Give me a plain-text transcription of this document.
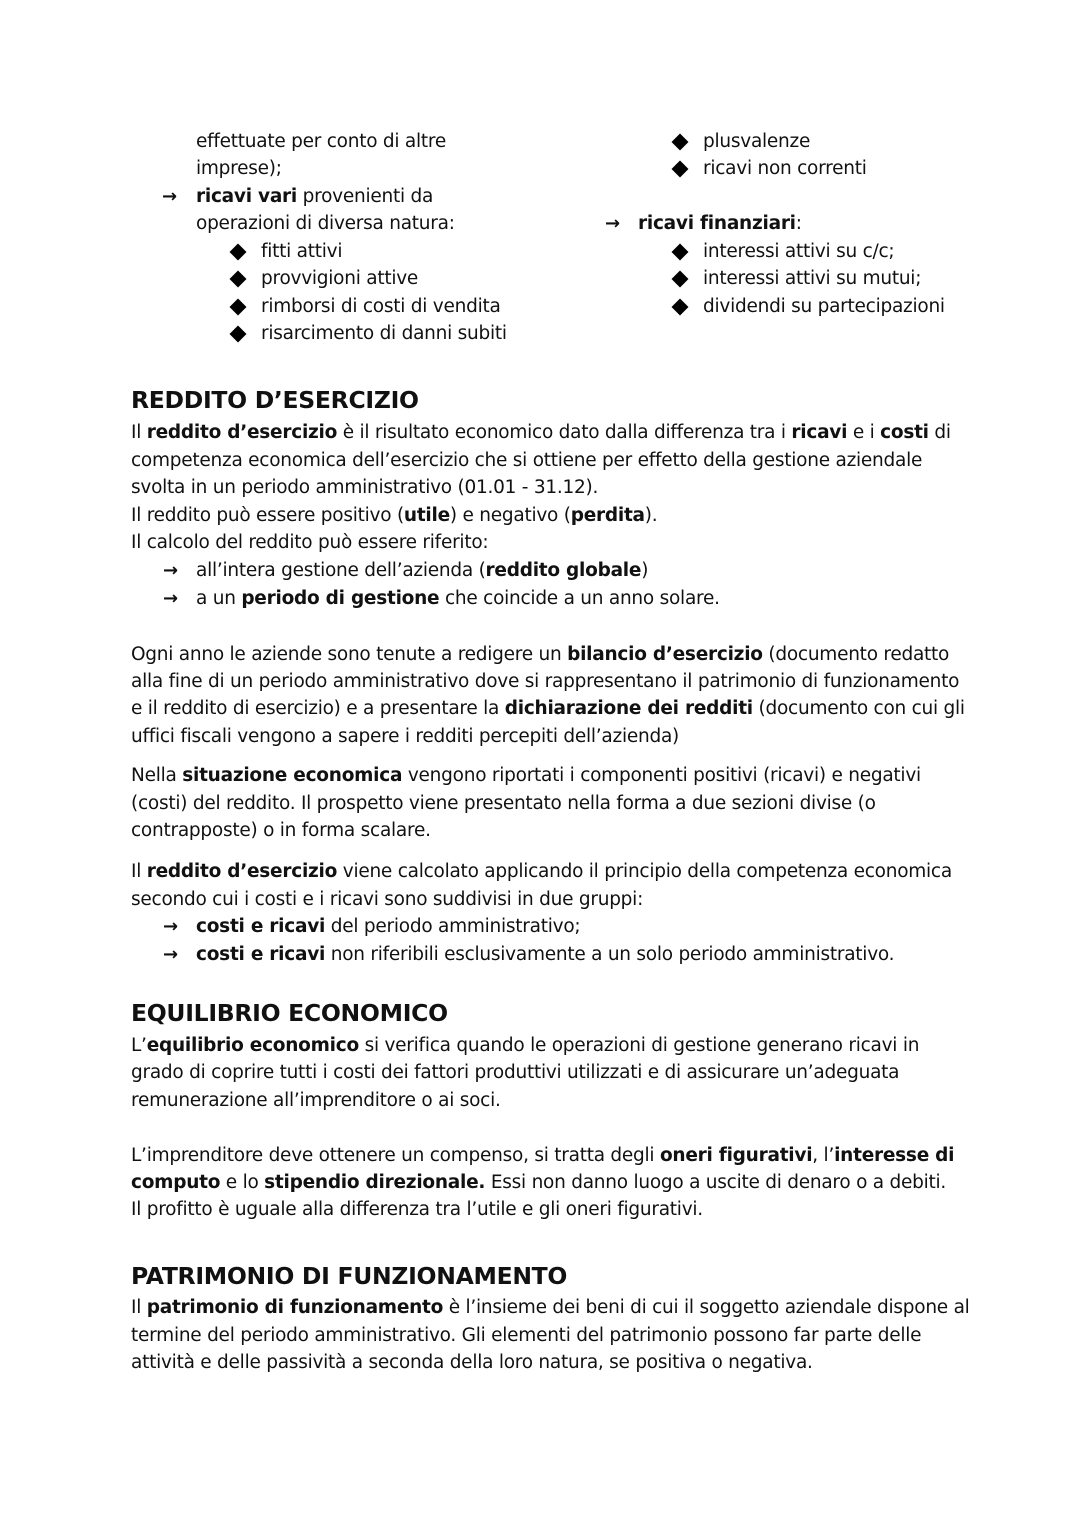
effettuate per conto di altre
imprese);
→ ricavi vari provenienti da
operazioni di diversa natura:
fitti attivi
provvigioni attive
rimborsi di costi di vendita
risarcimento di danni subiti
plusvalenze
ricavi non correnti
→ ricavi finanziari:
interessi attivi su c/c;
interessi attivi su mutui;
dividendi su partecipazioni
REDDITO D’ESERCIZIO
Il reddito d’esercizio è il risultato economico dato dalla differenza tra i ricavi e i costi di
competenza economica dell’esercizio che si ottiene per effetto della gestione aziendale
svolta in un periodo amministrativo (01.01 - 31.12).
Il reddito può essere positivo (utile) e negativo (perdita).
Il calcolo del reddito può essere riferito:
→ all’intera gestione dell’azienda (reddito globale)
→ a un periodo di gestione che coincide a un anno solare.
Ogni anno le aziende sono tenute a redigere un bilancio d’esercizio (documento redatto
alla fine di un periodo amministrativo dove si rappresentano il patrimonio di funzionamento
e il reddito di esercizio) e a presentare la dichiarazione dei redditi (documento con cui gli
uffici fiscali vengono a sapere i redditi percepiti dell’azienda)
Nella situazione economica vengono riportati i componenti positivi (ricavi) e negativi
(costi) del reddito. Il prospetto viene presentato nella forma a due sezioni divise (o
contrapposte) o in forma scalare.
Il reddito d’esercizio viene calcolato applicando il principio della competenza economica
secondo cui i costi e i ricavi sono suddivisi in due gruppi:
→ costi e ricavi del periodo amministrativo;
→ costi e ricavi non riferibili esclusivamente a un solo periodo amministrativo.
EQUILIBRIO ECONOMICO
L’equilibrio economico si verifica quando le operazioni di gestione generano ricavi in
grado di coprire tutti i costi dei fattori produttivi utilizzati e di assicurare un’adeguata
remunerazione all’imprenditore o ai soci.
L’imprenditore deve ottenere un compenso, si tratta degli oneri figurativi, l’interesse di
computo e lo stipendio direzionale. Essi non danno luogo a uscite di denaro o a debiti.
Il profitto è uguale alla differenza tra l’utile e gli oneri figurativi.
PATRIMONIO DI FUNZIONAMENTO
Il patrimonio di funzionamento è l’insieme dei beni di cui il soggetto aziendale dispone al
termine del periodo amministrativo. Gli elementi del patrimonio possono far parte delle
attività e delle passività a seconda della loro natura, se positiva o negativa.
